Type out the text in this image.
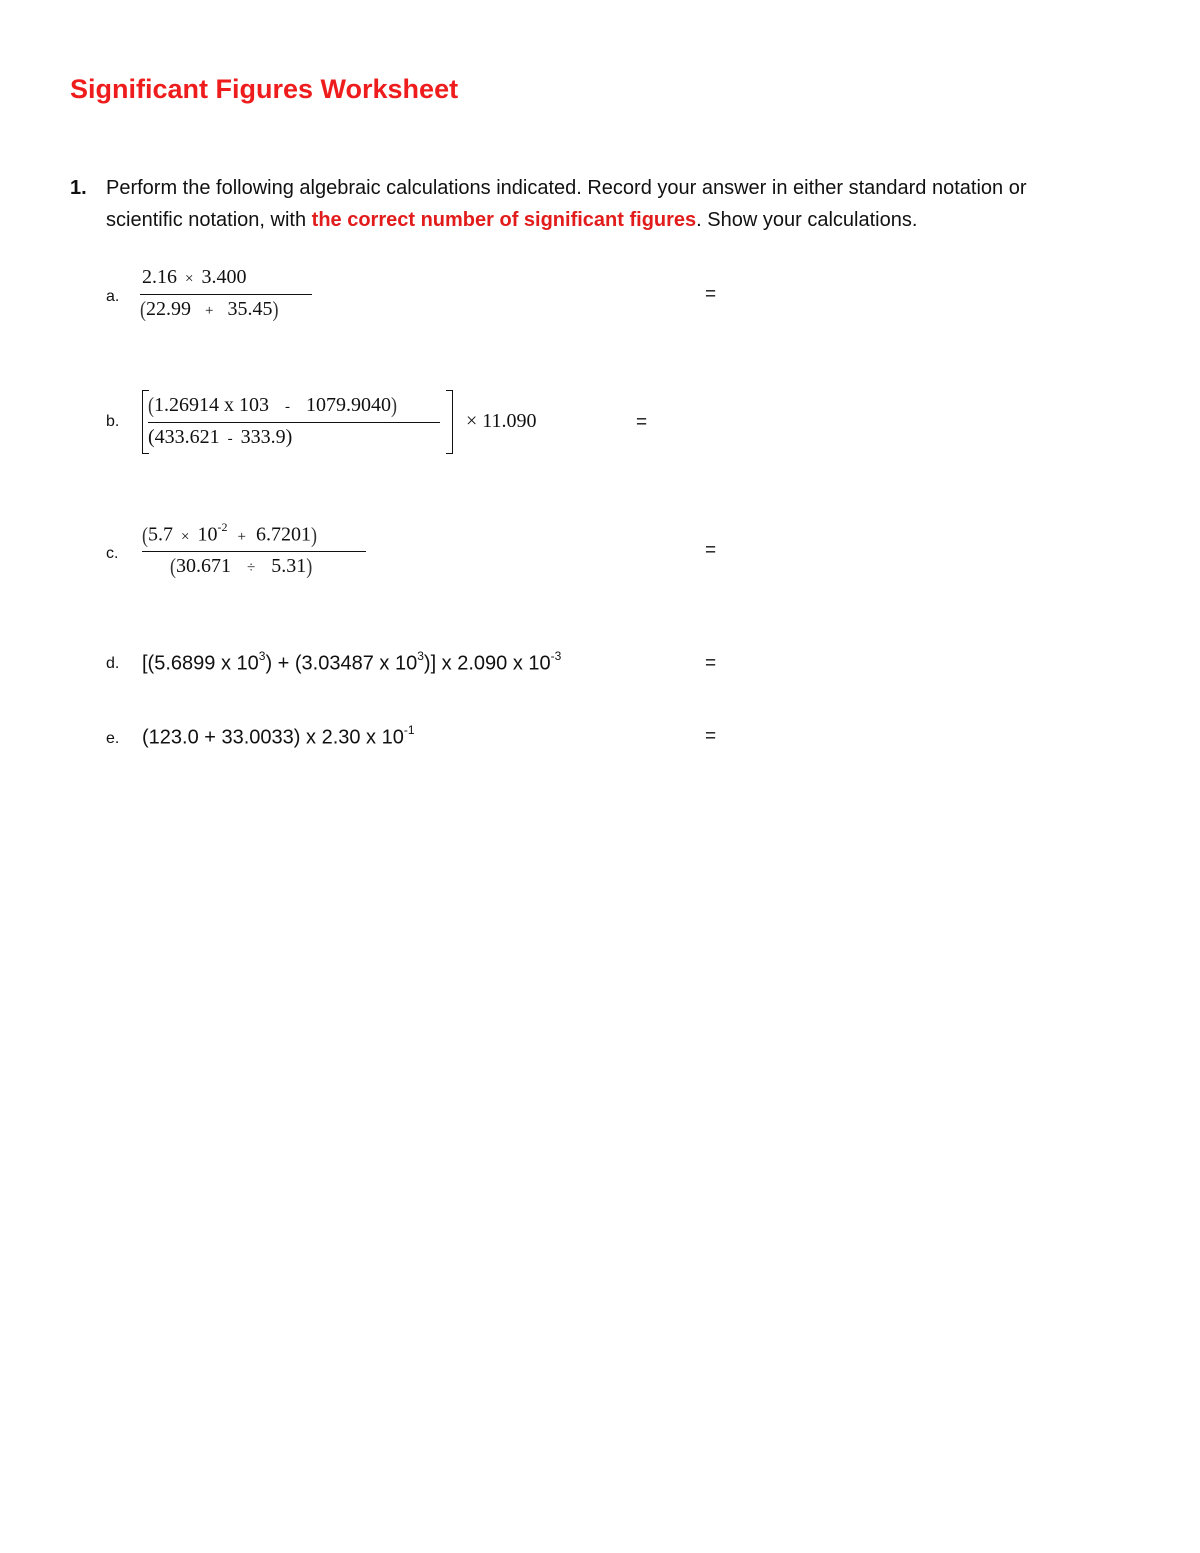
Significant Figures Worksheet
1. Perform the following algebraic calculations indicated. Record your answer in either standard notation or
scientific notation, with the correct number of significant figures. Show your calculations.
a.
2.16 × 3.400
(22.99 + 35.45)
=
b.
(1.26914 x 103 - 1079.9040)
(433.621 - 333.9)
× 11.090	=
c.
$(5.7 \times 10^{-2}+ 6.7201)$
(30.671 ÷ 5.31)
=
d. [(5.6899 x $10^3) + (3.03487$ x $10^3$)] x 2.090 x $10^{-3}$	=
e. (123.0 + 33.0033) x 2.30 x $10^{-1}$	=
